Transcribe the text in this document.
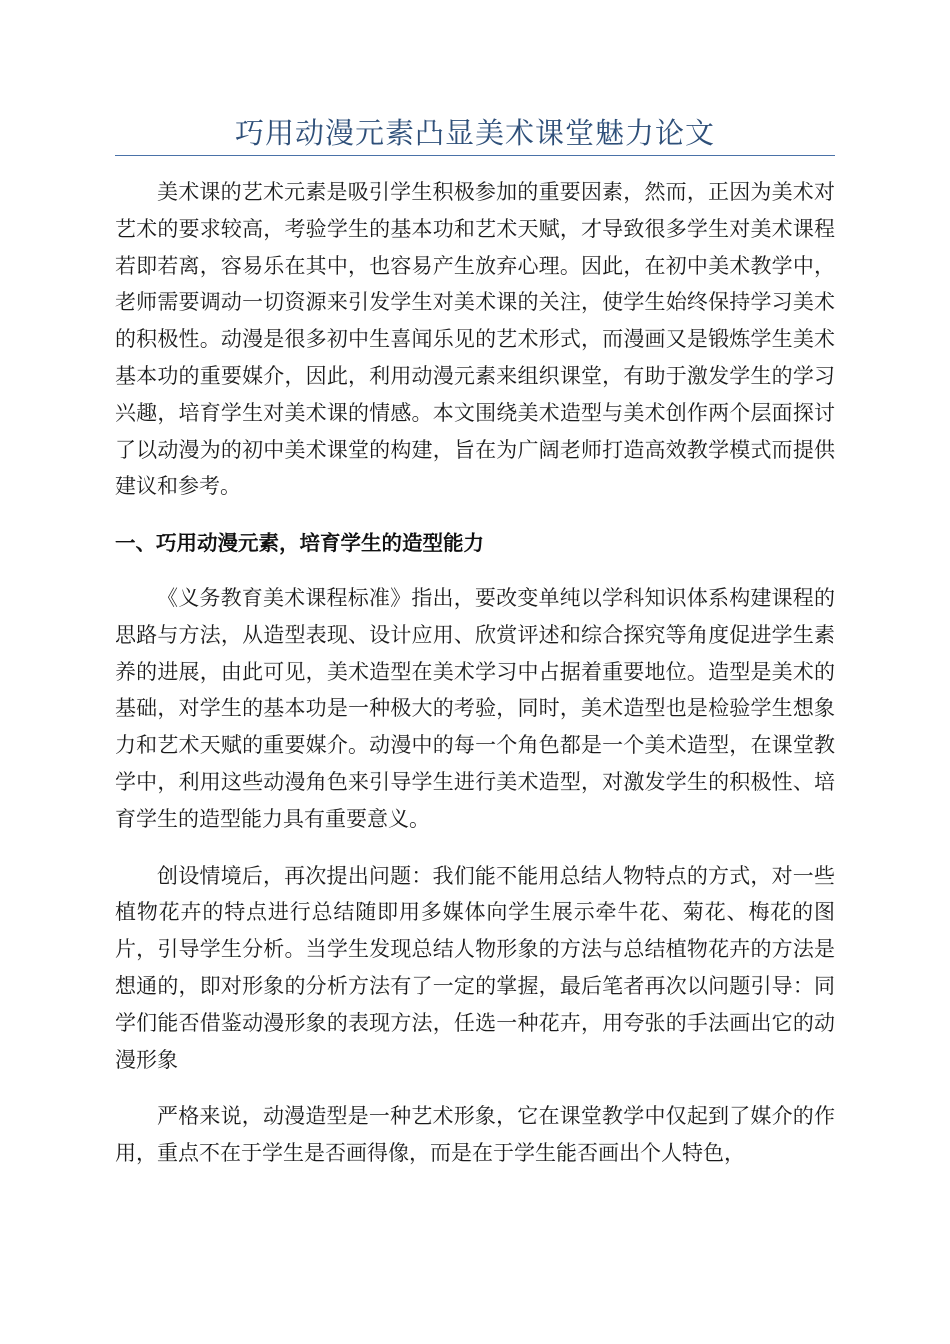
巧用动漫元素凸显美术课堂魅力论文

美术课的艺术元素是吸引学生积极参加的重要因素，然而，正因为美术对艺术的要求较高，考验学生的基本功和艺术天赋，才导致很多学生对美术课程若即若离，容易乐在其中，也容易产生放弃心理。因此，在初中美术教学中，老师需要调动一切资源来引发学生对美术课的关注，使学生始终保持学习美术的积极性。动漫是很多初中生喜闻乐见的艺术形式，而漫画又是锻炼学生美术基本功的重要媒介，因此，利用动漫元素来组织课堂，有助于激发学生的学习兴趣，培育学生对美术课的情感。本文围绕美术造型与美术创作两个层面探讨了以动漫为的初中美术课堂的构建，旨在为广阔老师打造高效教学模式而提供建议和参考。

一、巧用动漫元素，培育学生的造型能力

《义务教育美术课程标准》指出，要改变单纯以学科知识体系构建课程的思路与方法，从造型表现、设计应用、欣赏评述和综合探究等角度促进学生素养的进展，由此可见，美术造型在美术学习中占据着重要地位。造型是美术的基础，对学生的基本功是一种极大的考验，同时，美术造型也是检验学生想象力和艺术天赋的重要媒介。动漫中的每一个角色都是一个美术造型，在课堂教学中，利用这些动漫角色来引导学生进行美术造型，对激发学生的积极性、培育学生的造型能力具有重要意义。

创设情境后，再次提出问题：我们能不能用总结人物特点的方式，对一些植物花卉的特点进行总结随即用多媒体向学生展示牵牛花、菊花、梅花的图片，引导学生分析。当学生发现总结人物形象的方法与总结植物花卉的方法是想通的，即对形象的分析方法有了一定的掌握，最后笔者再次以问题引导：同学们能否借鉴动漫形象的表现方法，任选一种花卉，用夸张的手法画出它的动漫形象

严格来说，动漫造型是一种艺术形象，它在课堂教学中仅起到了媒介的作用，重点不在于学生是否画得像，而是在于学生能否画出个人特色，
